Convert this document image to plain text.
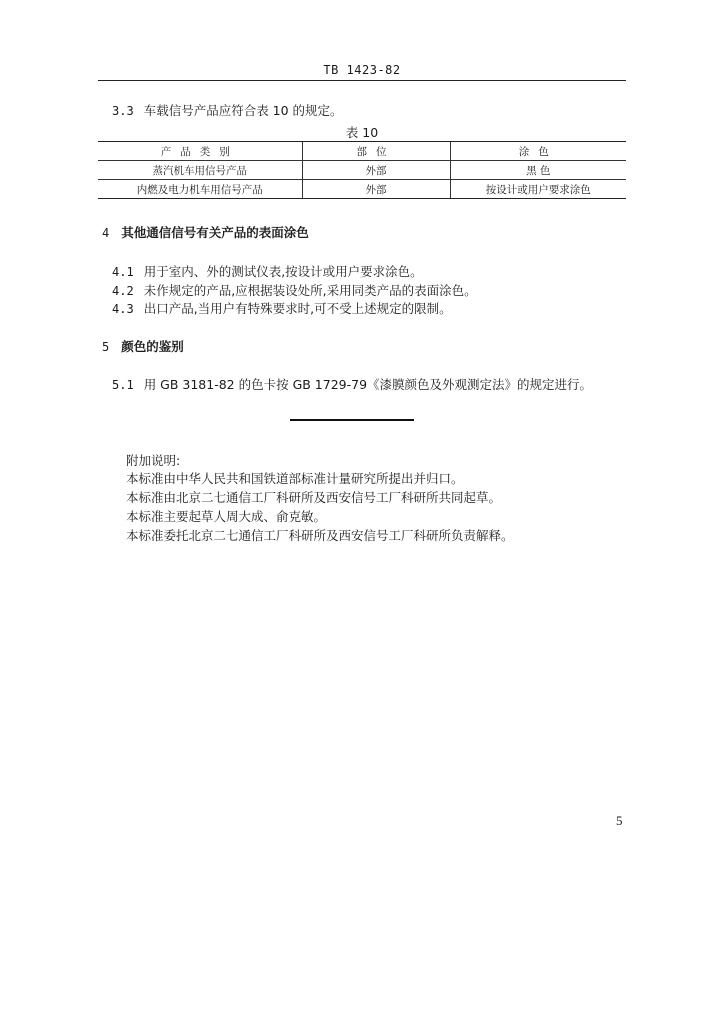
TB 1423-82
3.3 车载信号产品应符合表 10 的规定。
表 10
产品类别	部位	涂色
蒸汽机车用信号产品	外部	黑 色
内燃及电力机车用信号产品	外部	按设计或用户要求涂色
4 其他通信信号有关产品的表面涂色
4.1 用于室内、外的测试仪表,按设计或用户要求涂色。
4.2 未作规定的产品,应根据装设处所,采用同类产品的表面涂色。
4.3 出口产品,当用户有特殊要求时,可不受上述规定的限制。
5 颜色的鉴别
5.1 用 GB 3181-82 的色卡按 GB 1729-79《漆膜颜色及外观测定法》的规定进行。
附加说明:
本标准由中华人民共和国铁道部标准计量研究所提出并归口。
本标准由北京二七通信工厂科研所及西安信号工厂科研所共同起草。
本标准主要起草人周大成、俞克敏。
本标准委托北京二七通信工厂科研所及西安信号工厂科研所负责解释。
5
